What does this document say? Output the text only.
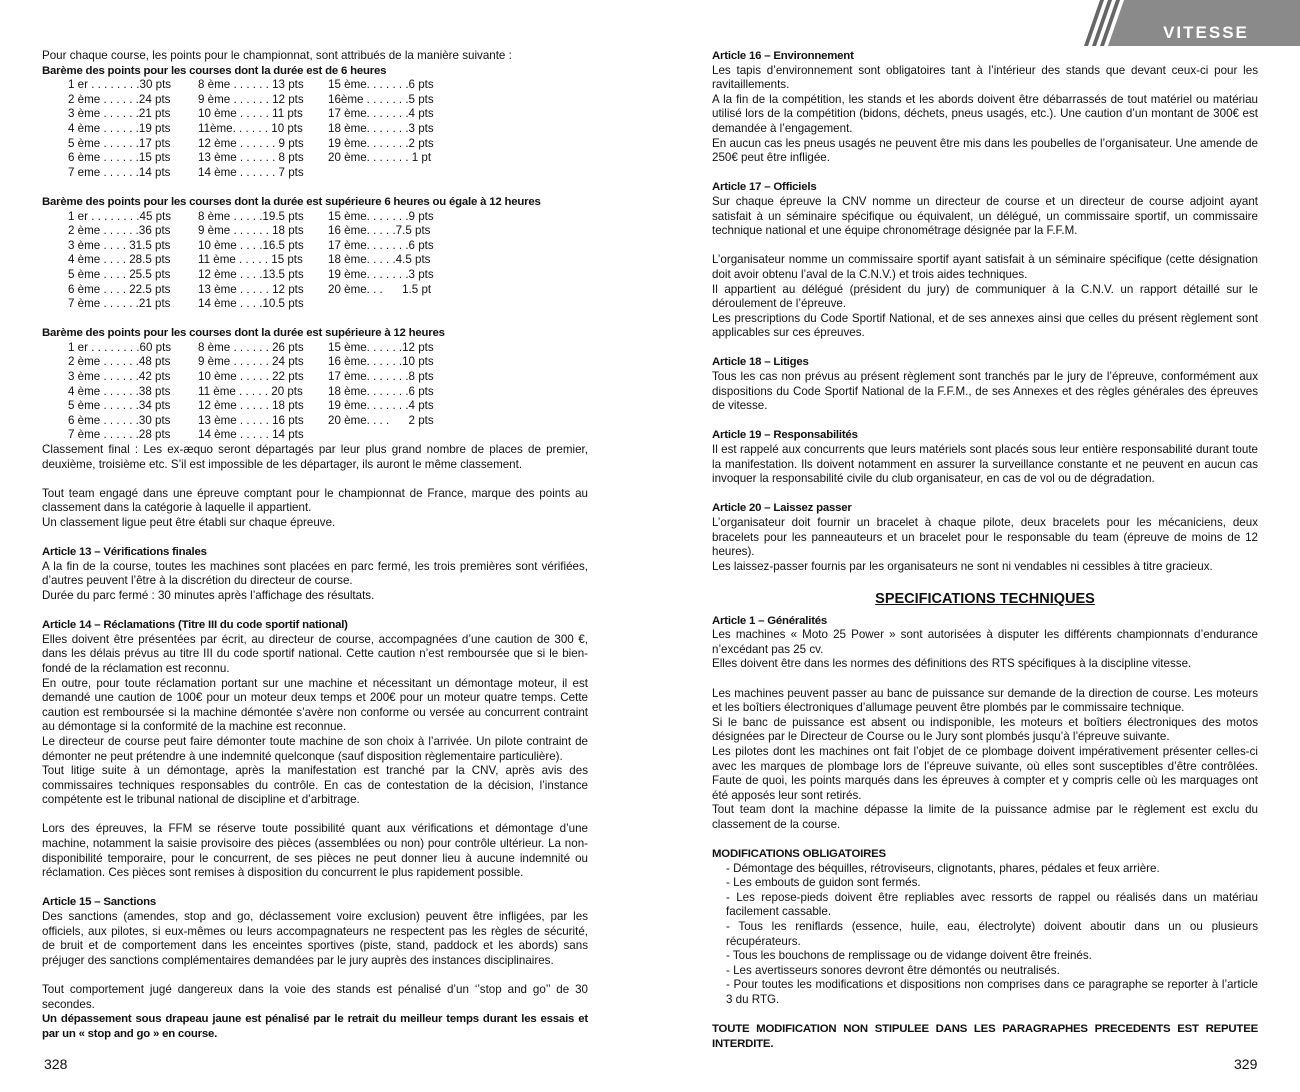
VITESSE

Pour chaque course, les points pour le championnat, sont attribués de la manière suivante :

Barème des points pour les courses dont la durée est de 6 heures

1 er . . . . . . . .30 pts	8 ème . . . . . . 13 pts	15 ème. . . . . . .6 pts
2 ème . . . . . .24 pts	9 ème . . . . . . 12 pts	16ème . . . . . . .5 pts
3 ème . . . . . .21 pts	10 ème . . . . . 11 pts	17 ème. . . . . . .4 pts
4 ème . . . . . .19 pts	11ème. . . . . . 10 pts	18 ème. . . . . . .3 pts
5 ème . . . . . .17 pts	12 ème . . . . . . 9 pts	19 ème. . . . . . .2 pts
6 ème . . . . . .15 pts	13 ème . . . . . . 8 pts	20 ème. . . . . . . 1 pt
7 eme . . . . . .14 pts	14 ème . . . . . . 7 pts

Barème des points pour les courses dont la durée est supérieure 6 heures ou égale à 12 heures

1 er . . . . . . . .45 pts	8 ème . . . . .19.5 pts	15 ème. . . . . . .9 pts
2 ème . . . . . .36 pts	9 ème . . . . . . 18 pts	16 ème. . . . .7.5 pts
3 ème . . . . 31.5 pts	10 ème . . . .16.5 pts	17 ème. . . . . . .6 pts
4 ème . . . . 28.5 pts	11 ème . . . . . 15 pts	18 ème. . . . .4.5 pts
5 ème . . . . 25.5 pts	12 ème . . . .13.5 pts	19 ème. . . . . . .3 pts
6 ème . . . . 22.5 pts	13 ème . . . . . 12 pts	20 ème. . .      1.5 pt
7 ème . . . . . .21 pts	14 ème . . . .10.5 pts

Barème des points pour les courses dont la durée est supérieure à 12 heures

1 er . . . . . . . .60 pts	8 ème . . . . . . 26 pts	15 ème. . . . . .12 pts
2 ème . . . . . .48 pts	9 ème . . . . . . 24 pts	16 ème. . . . . .10 pts
3 ème . . . . . .42 pts	10 ème . . . . . 22 pts	17 ème. . . . . . .8 pts
4 ème . . . . . .38 pts	11 ème . . . . . 20 pts	18 ème. . . . . . .6 pts
5 ème . . . . . .34 pts	12 ème . . . . . 18 pts	19 ème. . . . . . .4 pts
6 ème . . . . . .30 pts	13 ème . . . . . 16 pts	20 ème. . . .      2 pts
7 ème . . . . . .28 pts	14 ème . . . . . 14 pts

Classement final : Les ex-æquo seront départagés par leur plus grand nombre de places de premier, deuxième, troisième etc. S’il est impossible de les départager, ils auront le même classement.

Tout team engagé dans une épreuve comptant pour le championnat de France, marque des points au classement dans la catégorie à laquelle il appartient.

Un classement ligue peut être établi sur chaque épreuve.

Article 13 – Vérifications finales

A la fin de la course, toutes les machines sont placées en parc fermé, les trois premières sont vérifiées, d’autres peuvent l’être à la discrétion du directeur de course.

Durée du parc fermé : 30 minutes après l’affichage des résultats.

Article 14 – Réclamations (Titre III du code sportif national)

Elles doivent être présentées par écrit, au directeur de course, accompagnées d’une caution de 300 €, dans les délais prévus au titre III du code sportif national. Cette caution n’est remboursée que si le bien-fondé de la réclamation est reconnu.

En outre, pour toute réclamation portant sur une machine et nécessitant un démontage moteur, il est demandé une caution de 100€ pour un moteur deux temps et 200€ pour un moteur quatre temps. Cette caution est remboursée si la machine démontée s’avère non conforme ou versée au concurrent contraint au démontage si la conformité de la machine est reconnue.

Le directeur de course peut faire démonter toute machine de son choix à l’arrivée. Un pilote contraint de démonter ne peut prétendre à une indemnité quelconque (sauf disposition règlementaire particulière).

Tout litige suite à un démontage, après la manifestation est tranché par la CNV, après avis des commissaires techniques responsables du contrôle. En cas de contestation de la décision, l’instance compétente est le tribunal national de discipline et d’arbitrage.

Lors des épreuves, la FFM se réserve toute possibilité quant aux vérifications et démontage d’une machine, notamment la saisie provisoire des pièces (assemblées ou non) pour contrôle ultérieur. La non-disponibilité temporaire, pour le concurrent, de ses pièces ne peut donner lieu à aucune indemnité ou réclamation. Ces pièces sont remises à disposition du concurrent le plus rapidement possible.

Article 15 – Sanctions

Des sanctions (amendes, stop and go, déclassement voire exclusion) peuvent être infligées, par les officiels, aux pilotes, si eux-mêmes ou leurs accompagnateurs ne respectent pas les règles de sécurité, de bruit et de comportement dans les enceintes sportives (piste, stand, paddock et les abords) sans préjuger des sanctions complémentaires demandées par le jury auprès des instances disciplinaires.

Tout comportement jugé dangereux dans la voie des stands est pénalisé d’un ‘’stop and go’’ de 30 secondes.

Un dépassement sous drapeau jaune est pénalisé par le retrait du meilleur temps durant les essais et par un « stop and go » en course.

Article 16 – Environnement

Les tapis d’environnement sont obligatoires tant à l’intérieur des stands que devant ceux-ci pour les ravitaillements.

A la fin de la compétition, les stands et les abords doivent être débarrassés de tout matériel ou matériau utilisé lors de la compétition (bidons, déchets, pneus usagés, etc.). Une caution d’un montant de 300€ est demandée à l’engagement.

En aucun cas les pneus usagés ne peuvent être mis dans les poubelles de l’organisateur. Une amende de 250€ peut être infligée.

Article 17 – Officiels

Sur chaque épreuve la CNV nomme un directeur de course et un directeur de course adjoint ayant satisfait à un séminaire spécifique ou équivalent, un délégué, un commissaire sportif, un commissaire technique national et une équipe chronométrage désignée par la F.F.M.

L’organisateur nomme un commissaire sportif ayant satisfait à un séminaire spécifique (cette désignation doit avoir obtenu l’aval de la C.N.V.) et trois aides techniques.

Il appartient au délégué (président du jury) de communiquer à la C.N.V. un rapport détaillé sur le déroulement de l’épreuve.

Les prescriptions du Code Sportif National, et de ses annexes ainsi que celles du présent règlement sont applicables sur ces épreuves.

Article 18 – Litiges

Tous les cas non prévus au présent règlement sont tranchés par le jury de l’épreuve, conformément aux dispositions du Code Sportif National de la F.F.M., de ses Annexes et des règles générales des épreuves de vitesse.

Article 19 – Responsabilités

Il est rappelé aux concurrents que leurs matériels sont placés sous leur entière responsabilité durant toute la manifestation. Ils doivent notamment en assurer la surveillance constante et ne peuvent en aucun cas invoquer la responsabilité civile du club organisateur, en cas de vol ou de dégradation.

Article 20 – Laissez passer

L’organisateur doit fournir un bracelet à chaque pilote, deux bracelets pour les mécaniciens, deux bracelets pour les panneauteurs et un bracelet pour le responsable du team (épreuve de moins de 12 heures).

Les laissez-passer fournis par les organisateurs ne sont ni vendables ni cessibles à titre gracieux.

SPECIFICATIONS TECHNIQUES

Article 1 – Généralités

Les machines « Moto 25 Power » sont autorisées à disputer les différents championnats d’endurance n’excédant pas 25 cv.

Elles doivent être dans les normes des définitions des RTS spécifiques à la discipline vitesse.

Les machines peuvent passer au banc de puissance sur demande de la direction de course. Les moteurs et les boîtiers électroniques d’allumage peuvent être plombés par le commissaire technique.

Si le banc de puissance est absent ou indisponible, les moteurs et boîtiers électroniques des motos désignées par le Directeur de Course ou le Jury sont plombés jusqu’à l’épreuve suivante.

Les pilotes dont les machines ont fait l’objet de ce plombage doivent impérativement présenter celles-ci avec les marques de plombage lors de l’épreuve suivante, où elles sont susceptibles d’être contrôlées. Faute de quoi, les points marqués dans les épreuves à compter et y compris celle où les marquages ont été apposés leur sont retirés.

Tout team dont la machine dépasse la limite de la puissance admise par le règlement est exclu du classement de la course.

MODIFICATIONS OBLIGATOIRES

- Démontage des béquilles, rétroviseurs, clignotants, phares, pédales et feux arrière.

- Les embouts de guidon sont fermés.

- Les repose-pieds doivent être repliables avec ressorts de rappel ou réalisés dans un matériau facilement cassable.

- Tous les reniflards (essence, huile, eau, électrolyte) doivent aboutir dans un ou plusieurs récupérateurs.

- Tous les bouchons de remplissage ou de vidange doivent être freinés.

- Les avertisseurs sonores devront être démontés ou neutralisés.

- Pour toutes les modifications et dispositions non comprises dans ce paragraphe se reporter à l’article 3 du RTG.

TOUTE MODIFICATION NON STIPULEE DANS LES PARAGRAPHES PRECEDENTS EST REPUTEE INTERDITE.

328	329
